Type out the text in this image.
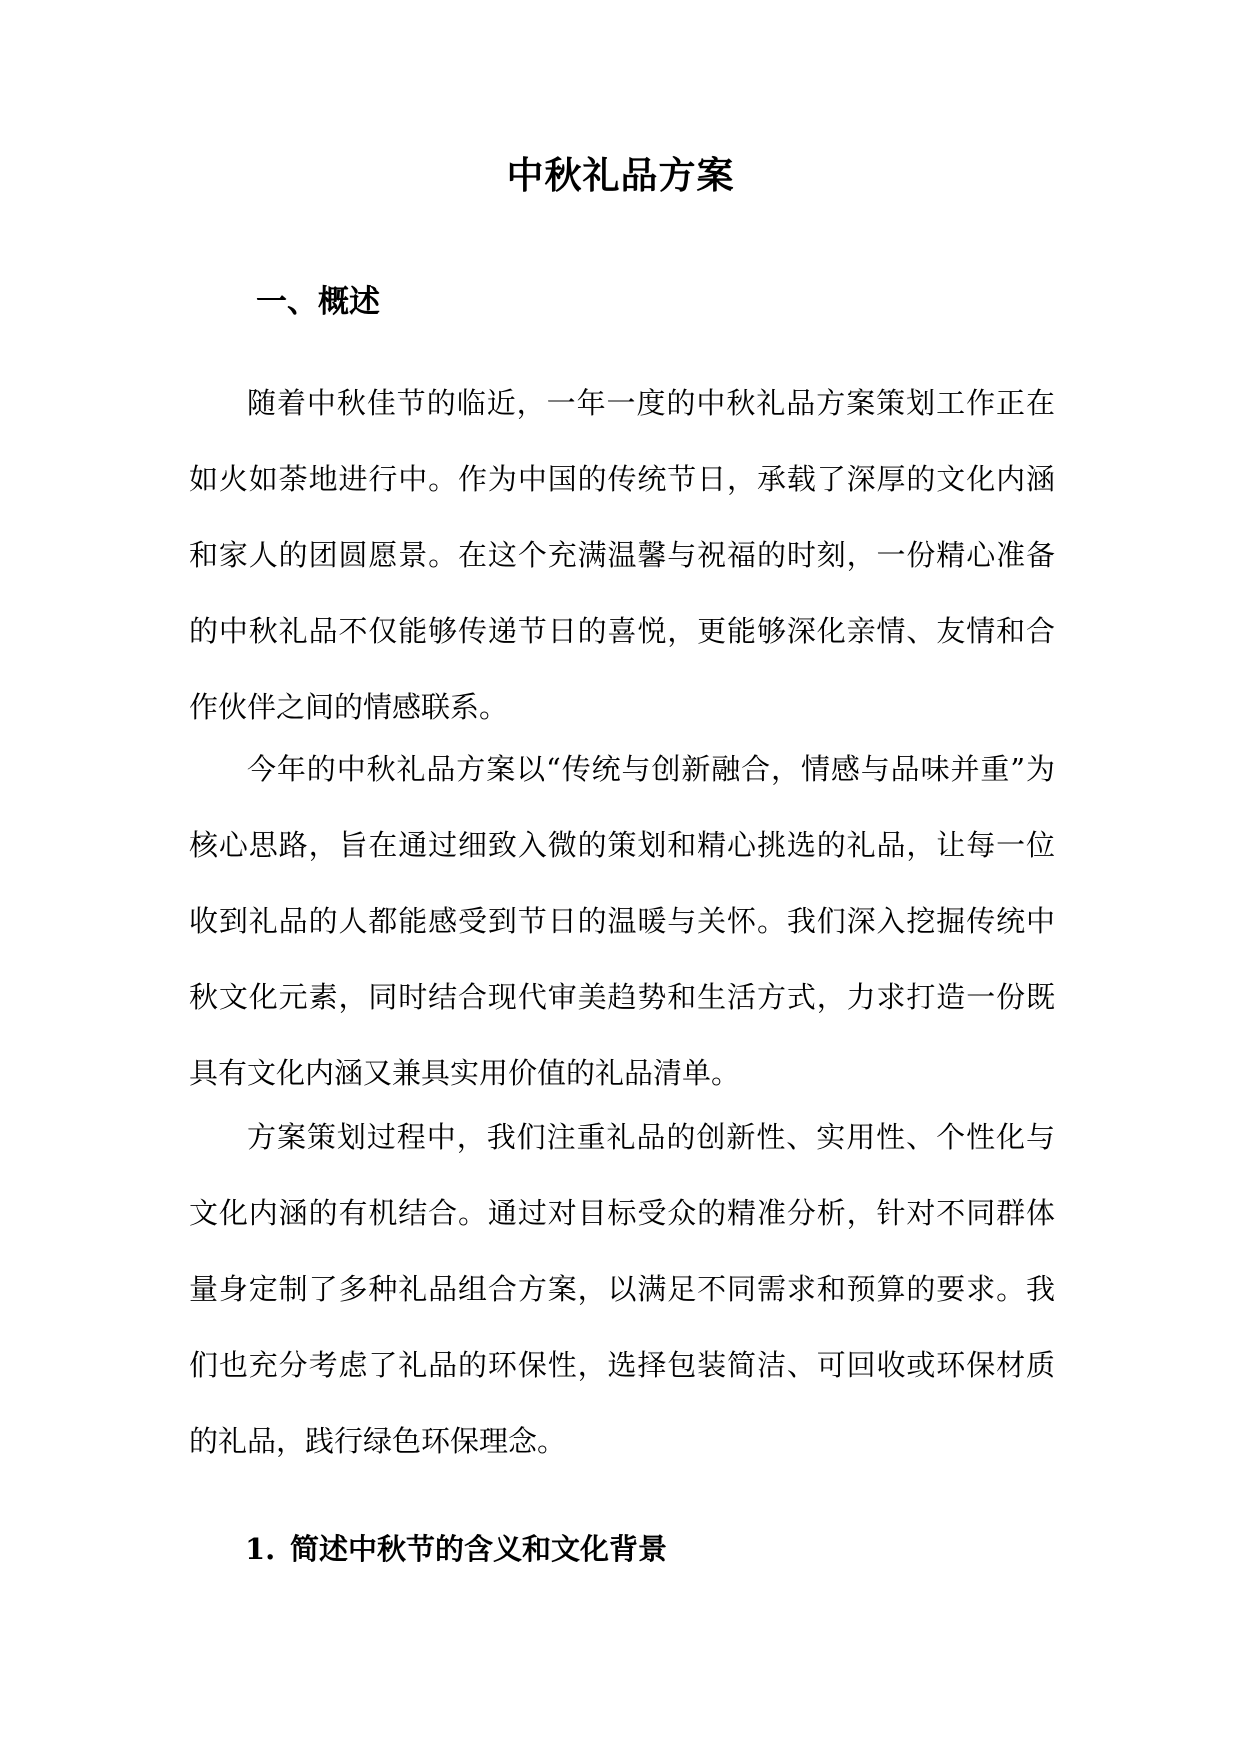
中秋礼品方案
一、概述

随着中秋佳节的临近，一年一度的中秋礼品方案策划工作正在如火如荼地进行中。作为中国的传统节日，承载了深厚的文化内涵和家人的团圆愿景。在这个充满温馨与祝福的时刻，一份精心准备的中秋礼品不仅能够传递节日的喜悦，更能够深化亲情、友情和合作伙伴之间的情感联系。

今年的中秋礼品方案以“传统与创新融合，情感与品味并重”为核心思路，旨在通过细致入微的策划和精心挑选的礼品，让每一位收到礼品的人都能感受到节日的温暖与关怀。我们深入挖掘传统中秋文化元素，同时结合现代审美趋势和生活方式，力求打造一份既具有文化内涵又兼具实用价值的礼品清单。

方案策划过程中，我们注重礼品的创新性、实用性、个性化与文化内涵的有机结合。通过对目标受众的精准分析，针对不同群体量身定制了多种礼品组合方案，以满足不同需求和预算的要求。我们也充分考虑了礼品的环保性，选择包装简洁、可回收或环保材质的礼品，践行绿色环保理念。

1. 简述中秋节的含义和文化背景
